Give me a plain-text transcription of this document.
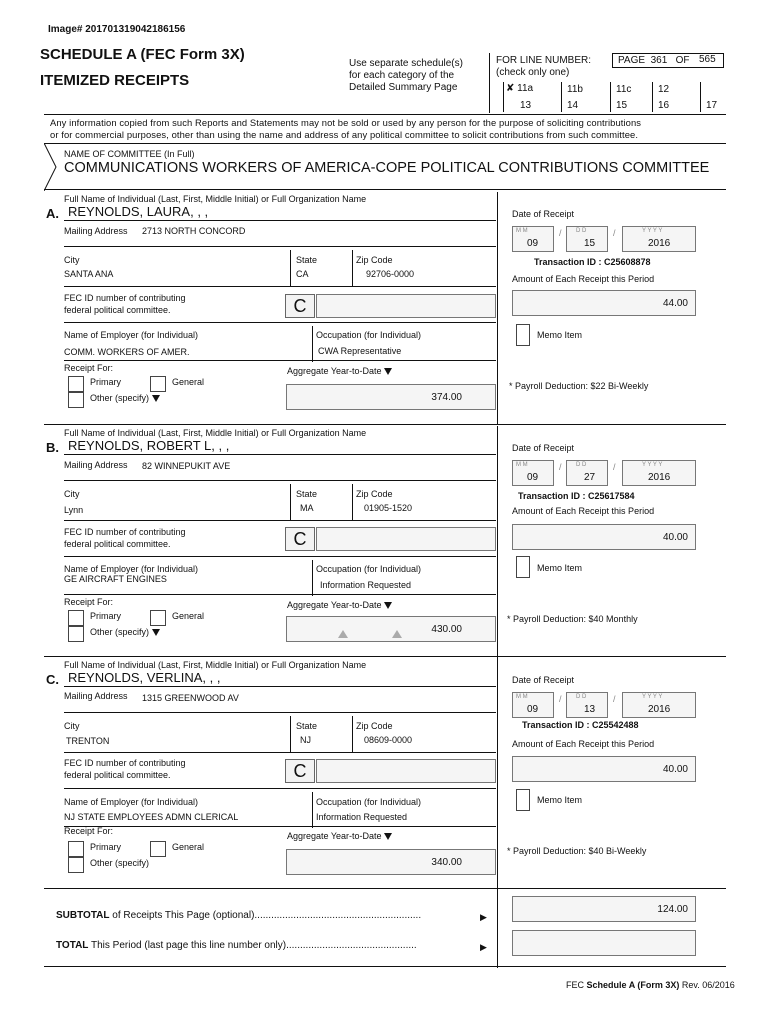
Image# 201701319042186156
SCHEDULE A (FEC Form 3X)
ITEMIZED RECEIPTS
Use separate schedule(s)
for each category of the
Detailed Summary Page
FOR LINE NUMBER:
(check only one)
PAGE 361 OF 565
✘ 11a	11b	11c	12
13	14	15	16	17
Any information copied from such Reports and Statements may not be sold or used by any person for the purpose of soliciting contributions
or for commercial purposes, other than using the name and address of any political committee to solicit contributions from such committee.
NAME OF COMMITTEE (In Full)
COMMUNICATIONS WORKERS OF AMERICA-COPE POLITICAL CONTRIBUTIONS COMMITTEE
Full Name of Individual (Last, First, Middle Initial) or Full Organization Name
A. REYNOLDS, LAURA, , ,
Mailing Address 2713 NORTH CONCORD
City
SANTA ANA
State
CA
Zip Code
92706-0000
FEC ID number of contributing
federal political committee.	C
Name of Employer (for Individual)
COMM. WORKERS OF AMER.
Occupation (for Individual)
CWA Representative
Receipt For:
Primary	General
Other (specify)
Aggregate Year-to-Date
374.00
Date of Receipt
M M
09
/ D D
15
/	Y Y Y Y
2016
Transaction ID : C25608878
Amount of Each Receipt this Period
44.00
Memo Item
* Payroll Deduction: $22 Bi-Weekly
Full Name of Individual (Last, First, Middle Initial) or Full Organization Name
B. REYNOLDS, ROBERT L, , ,
Mailing Address 82 WINNEPUKIT AVE
City
Lynn
State
MA
Zip Code
01905-1520
FEC ID number of contributing
federal political committee.	C
Name of Employer (for Individual)
GE AIRCRAFT ENGINES
Occupation (for Individual)
Information Requested
Receipt For:
Primary	General
Other (specify)
Aggregate Year-to-Date
430.00
Date of Receipt
M M
09
/ D D
27
/	Y Y Y Y
2016
Transaction ID : C25617584
Amount of Each Receipt this Period
40.00
Memo Item
* Payroll Deduction: $40 Monthly
Full Name of Individual (Last, First, Middle Initial) or Full Organization Name
C. REYNOLDS, VERLINA, , ,
Mailing Address 1315 GREENWOOD AV
City
TRENTON
State
NJ
Zip Code
08609-0000
FEC ID number of contributing
federal political committee.	C
Name of Employer (for Individual)
NJ STATE EMPLOYEES ADMN CLERICAL
Occupation (for Individual)
Information Requested
Receipt For:
Primary	General
Other (specify)
Aggregate Year-to-Date
340.00
Date of Receipt
M M
09
/ D D
13
/	Y Y Y Y
2016
Transaction ID : C25542488
Amount of Each Receipt this Period
40.00
Memo Item
* Payroll Deduction: $40 Bi-Weekly
SUBTOTAL of Receipts This Page (optional)............................................................	▶
124.00
TOTAL This Period (last page this line number only)...............................................	▶
FEC Schedule A (Form 3X) Rev. 06/2016
